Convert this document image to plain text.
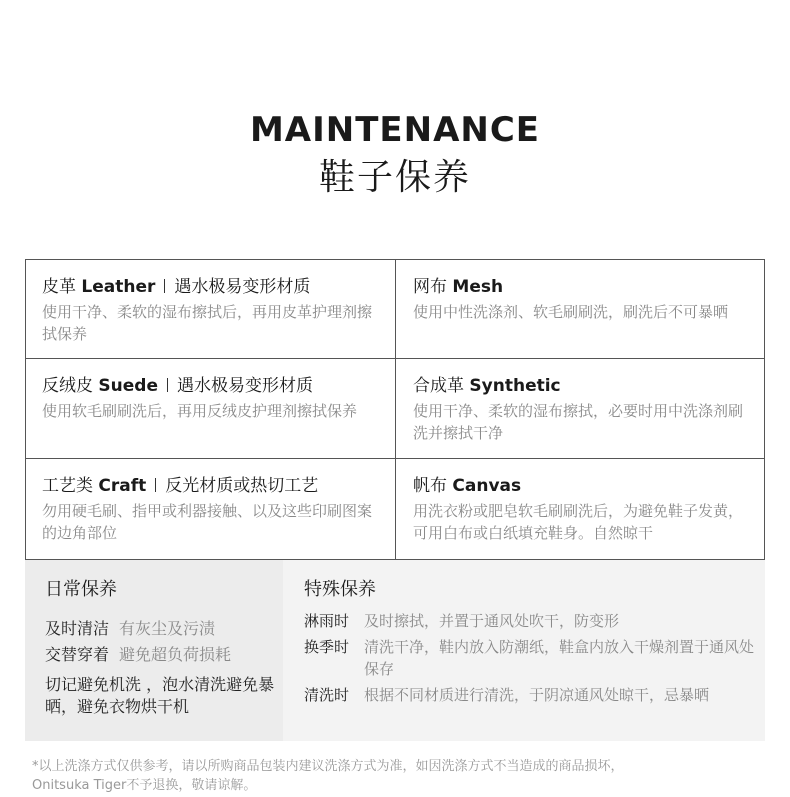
MAINTENANCE
鞋子保养
皮革 Leather 遇水极易变形材质
使用干净、柔软的湿布擦拭后，再用皮革护理剂擦拭保养
网布 Mesh
使用中性洗涤剂、软毛刷刷洗，刷洗后不可暴晒
反绒皮 Suede 遇水极易变形材质
使用软毛刷刷洗后，再用反绒皮护理剂擦拭保养
合成革 Synthetic
使用干净、柔软的湿布擦拭，必要时用中洗涤剂刷洗并擦拭干净
工艺类 Craft 反光材质或热切工艺
勿用硬毛刷、指甲或利器接触、以及这些印刷图案的边角部位
帆布 Canvas
用洗衣粉或肥皂软毛刷刷洗后，为避免鞋子发黄，可用白布或白纸填充鞋身。自然晾干
日常保养
及时清洁 有灰尘及污渍
交替穿着 避免超负荷损耗
切记避免机洗 ，泡水清洗避免暴晒，避免衣物烘干机
特殊保养
淋雨时 及时擦拭，并置于通风处吹干，防变形
换季时 清洗干净，鞋内放入防潮纸，鞋盒内放入干燥剂置于通风处保存
清洗时 根据不同材质进行清洗，于阴凉通风处晾干，忌暴晒
*以上洗涤方式仅供参考，请以所购商品包装内建议洗涤方式为准，如因洗涤方式不当造成的商品损坏，
Onitsuka Tiger不予退换，敬请谅解。
